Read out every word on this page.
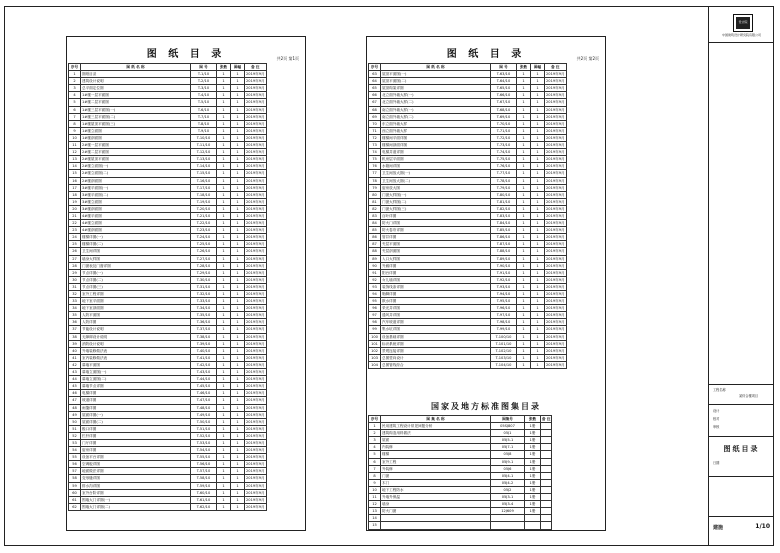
图 纸 目 录	共2页 第1页
序号	图 纸 名 称	图 号	张数	图幅	备 注
1	图纸目录	T-1/10	1	1	2019年9月
2	建筑设计说明	T-2/10	1	1	2019年9月
3	总平面定位图	T-3/10	1	1	2019年9月
4	1#楼一层平面图	T-4/10	1	1	2019年9月
5	1#楼二层平面图	T-5/10	1	1	2019年9月
6	1#楼三层平面图(一)	T-6/10	1	1	2019年9月
7	1#楼三层平面图(二)	T-7/10	1	1	2019年9月
8	1#楼屋顶平面图(三)	T-8/10	1	1	2019年9月
9	1#楼立面图	T-9/10	1	1	2019年9月
10	1#楼剖面图	T-10/10	1	1	2019年9月
11	2#楼一层平面图	T-11/10	1	1	2019年9月
12	2#楼二层平面图	T-12/10	1	1	2019年9月
13	2#楼屋顶平面图	T-13/10	1	1	2019年9月
14	2#楼立面图(一)	T-14/10	1	1	2019年9月
15	2#楼立面图(二)	T-15/10	1	1	2019年9月
16	2#楼剖面图	T-16/10	1	1	2019年9月
17	3#楼平面图(一)	T-17/10	1	1	2019年9月
18	3#楼平面图(二)	T-18/10	1	1	2019年9月
19	3#楼立面图	T-19/10	1	1	2019年9月
20	3#楼剖面图	T-20/10	1	1	2019年9月
21	4#楼平面图	T-21/10	1	1	2019年9月
22	4#楼立面图	T-22/10	1	1	2019年9月
23	4#楼剖面图	T-23/10	1	1	2019年9月
24	楼梯详图(一)	T-24/10	1	1	2019年9月
25	楼梯详图(二)	T-25/10	1	1	2019年9月
26	卫生间详图	T-26/10	1	1	2019年9月
27	墙身大样图	T-27/10	1	1	2019年9月
28	门窗表及门窗详图	T-28/10	1	1	2019年9月
29	节点详图(一)	T-29/10	1	1	2019年9月
30	节点详图(二)	T-30/10	1	1	2019年9月
31	节点详图(三)	T-31/10	1	1	2019年9月
32	室外工程详图	T-32/10	1	1	2019年9月
33	地下室平面图	T-33/10	1	1	2019年9月
34	地下室剖面图	T-34/10	1	1	2019年9月
35	人防平面图	T-35/10	1	1	2019年9月
36	人防详图	T-36/10	1	1	2019年9月
37	节能设计说明	T-37/10	1	1	2019年9月
38	无障碍设计说明	T-38/10	1	1	2019年9月
39	消防设计说明	T-39/10	1	1	2019年9月
40	外墙装修做法表	T-40/10	1	1	2019年9月
41	室内装修做法表	T-41/10	1	1	2019年9月
42	幕墙平面图	T-42/10	1	1	2019年9月
43	幕墙立面图(一)	T-43/10	1	1	2019年9月
44	幕墙立面图(二)	T-44/10	1	1	2019年9月
45	幕墙节点详图	T-45/10	1	1	2019年9月
46	电梯详图	T-46/10	1	1	2019年9月
47	坡道详图	T-47/10	1	1	2019年9月
48	雨篷详图	T-48/10	1	1	2019年9月
49	屋面详图(一)	T-49/10	1	1	2019年9月
50	屋面详图(二)	T-50/10	1	1	2019年9月
51	檐口详图	T-51/10	1	1	2019年9月
52	栏杆详图	T-52/10	1	1	2019年9月
53	门厅详图	T-53/10	1	1	2019年9月
54	厨房详图	T-54/10	1	1	2019年9月
55	设备平台详图	T-55/10	1	1	2019年9月
56	空调板详图	T-56/10	1	1	2019年9月
57	地面做法详图	T-57/10	1	1	2019年9月
58	变形缝详图	T-58/10	1	1	2019年9月
59	排水沟详图	T-59/10	1	1	2019年9月
60	室外台阶详图	T-60/10	1	1	2019年9月
61	围墙大门详图(一)	T-61/10	1	1	2019年9月
62	围墙大门详图(二)	T-62/10	1	1	2019年9月
图 纸 目 录	共2页 第2页
序号	图 纸 名 称	图 号	张数	图幅	备 注
63	屋顶平面图(一)	T-63/10	1	1	2019年9月
64	屋顶平面图(二)	T-64/10	1	1	2019年9月
65	屋顶构架详图	T-65/10	1	1	2019年9月
66	北立面外墙大样(一)	T-66/10	1	1	2019年9月
67	北立面外墙大样(二)	T-67/10	1	1	2019年9月
68	南立面外墙大样(一)	T-68/10	1	1	2019年9月
69	南立面外墙大样(二)	T-69/10	1	1	2019年9月
70	东立面外墙大样	T-70/10	1	1	2019年9月
71	西立面外墙大样	T-71/10	1	1	2019年9月
72	楼梯间平面详图	T-72/10	1	1	2019年9月
73	楼梯间剖面详图	T-73/10	1	1	2019年9月
74	电梯井道详图	T-74/10	1	1	2019年9月
75	机房层平面图	T-75/10	1	1	2019年9月
76	水箱间详图	T-76/10	1	1	2019年9月
77	卫生间放大图(一)	T-77/10	1	1	2019年9月
78	卫生间放大图(二)	T-78/10	1	1	2019年9月
79	厨房放大图	T-79/10	1	1	2019年9月
80	门窗大样图(一)	T-80/10	1	1	2019年9月
81	门窗大样图(二)	T-81/10	1	1	2019年9月
82	门窗大样图(三)	T-82/10	1	1	2019年9月
83	百叶详图	T-83/10	1	1	2019年9月
84	防火门详图	T-84/10	1	1	2019年9月
85	防火卷帘详图	T-85/10	1	1	2019年9月
86	管井详图	T-86/10	1	1	2019年9月
87	夹层平面图	T-87/10	1	1	2019年9月
88	夹层剖面图	T-88/10	1	1	2019年9月
89	入口大样图	T-89/10	1	1	2019年9月
90	外廊详图	T-90/10	1	1	2019年9月
91	阳台详图	T-91/10	1	1	2019年9月
92	女儿墙详图	T-92/10	1	1	2019年9月
93	装饰线条详图	T-93/10	1	1	2019年9月
94	勒脚详图	T-94/10	1	1	2019年9月
95	散水详图	T-95/10	1	1	2019年9月
96	采光井详图	T-96/10	1	1	2019年9月
97	通风井详图	T-97/10	1	1	2019年9月
98	汽车坡道详图	T-98/10	1	1	2019年9月
99	集水坑详图	T-99/10	1	1	2019年9月
100	设备基础详图	T-100/10	1	1	2019年9月
101	标识系统详图	T-101/10	1	1	2019年9月
102	景观连接详图	T-102/10	1	1	2019年9月
103	总图竖向设计	T-103/10	1	1	2019年9月
104	总图管线综合	T-104/10	1	1	2019年9月
国家及地方标准图集目录
序号	图 集 名 称	图集号	张数	备 注
1	民用建筑工程设计常见问题分析	05SJ807	1册	
2	建筑构造用料做法	05J1	1册	
3	屋面	05J5-1	1册	
4	内装修	05J7-1	1册	
5	楼梯	05J8	1册	
6	室外工程	05J9-1	1册	
7	外装修	05J6	1册	
8	门窗	05J4-1	1册	
9	木门	05J4-2	1册	
10	地下工程防水	05J2	1册	
11	外墙外保温	05J3-1	1册	
12	墙身	05J3-4	1册	
13	防火门窗	12J609	1册	
14				
15				
设计院
中国建筑设计研究院有限公司
工程名称
某综合楼项目
设计
校对
审核
图纸目录
日期
建施	1/10
